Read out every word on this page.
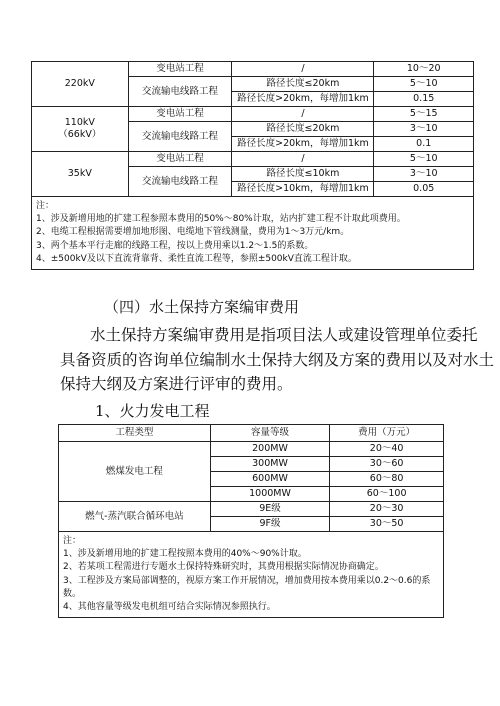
220kV	变电站工程	/	10～20
	交流输电线路工程	路径长度≤20km	5～10
		路径长度>20km，每增加1km	0.15

110kV
（66kV）	变电站工程	/	5～15
	交流输电线路工程	路径长度≤20km	3～10
		路径长度>20km，每增加1km	0.1

35kV	变电站工程	/	5～10
	交流输电线路工程	路径长度≤10km	3～10
		路径长度>10km，每增加1km	0.05

注：
1、涉及新增用地的扩建工程参照本费用的50%～80%计取，站内扩建工程不计取此项费用。
2、电缆工程根据需要增加地形图、电缆地下管线测量，费用为1～3万元/km。
3、两个基本平行走廊的线路工程，按以上费用乘以1.2～1.5的系数。
4、±500kV及以下直流背靠背、柔性直流工程等，参照±500kV直流工程计取。			
（四）水土保持方案编审费用
水土保持方案编审费用是指项目法人或建设管理单位委托
具备资质的咨询单位编制水土保持大纲及方案的费用以及对水土
保持大纲及方案进行评审的费用。
1、火力发电工程
工程类型	容量等级	费用（万元）
燃煤发电工程	200MW	20～40
	300MW	30～60
	600MW	60～80
	1000MW	60～100
燃气-蒸汽联合循环电站	9E级	20～30
	9F级	30～50

注：
1、涉及新增用地的扩建工程按照本费用的40%～90%计取。
2、若某项工程需进行专题水土保持特殊研究时，其费用根据实际情况协商确定。
3、工程涉及方案局部调整的，视原方案工作开展情况，增加费用按本费用乘以0.2～0.6的系数。
4、其他容量等级发电机组可结合实际情况参照执行。		
